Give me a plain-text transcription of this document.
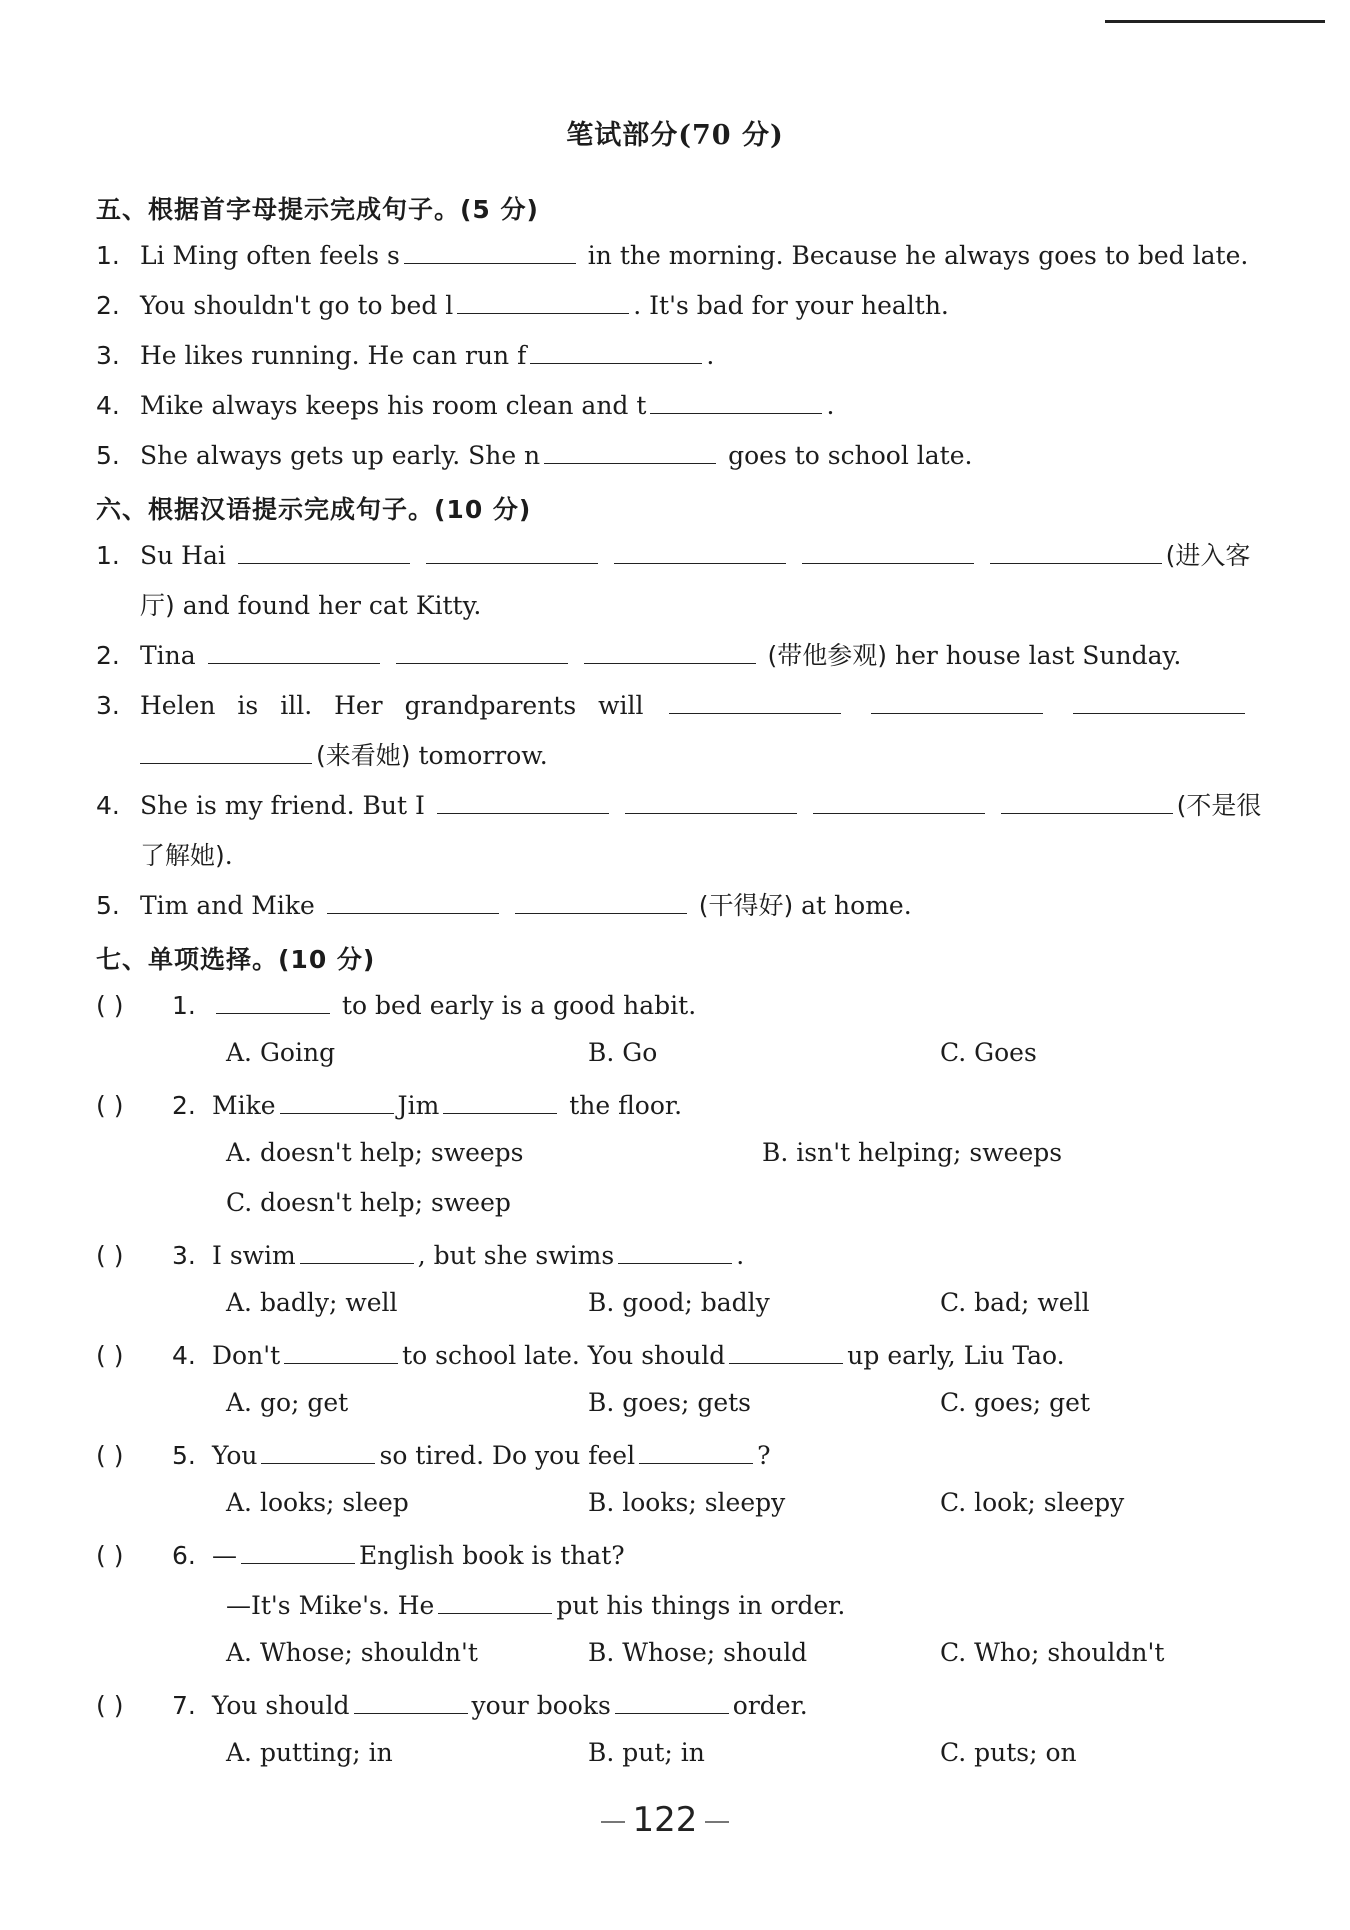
笔试部分(70 分)
五、根据首字母提示完成句子。(5 分)
1. Li Ming often feels s	in the morning. Because he always goes to bed late.
2. You shouldn't go to bed l	. It's bad for your health.
3. He likes running. He can run f	.
4. Mike always keeps his room clean and t	.
5. She always gets up early. She n	goes to school late.
六、根据汉语提示完成句子。(10 分)
1. Su Hai	(进入客
厅) and found her cat Kitty.
2. Tina	(带他参观) her house last Sunday.
3. Helen is ill. Her grandparents will
(来看她) tomorrow.
4. She is my friend. But I	(不是很
了解她).
5. Tim and Mike	(干得好) at home.
七、单项选择。(10 分)
( ) 1.	to bed early is a good habit.
A. Going	B. Go	C. Goes
( ) 2. Mike	Jim	the floor.
A. doesn't help; sweeps	B. isn't helping; sweeps
C. doesn't help; sweep
( ) 3. I swim	, but she swims	.
A. badly; well	B. good; badly	C. bad; well
( ) 4. Don't	to school late. You should	up early, Liu Tao.
A. go; get	B. goes; gets	C. goes; get
( ) 5. You	so tired. Do you feel	?
A. looks; sleep	B. looks; sleepy	C. look; sleepy
( ) 6. —	English book is that?
—It's Mike's. He	put his things in order.
A. Whose; shouldn't	B. Whose; should	C. Who; shouldn't
( ) 7. You should	your books	order.
A. putting; in	B. put; in	C. puts; on
122
